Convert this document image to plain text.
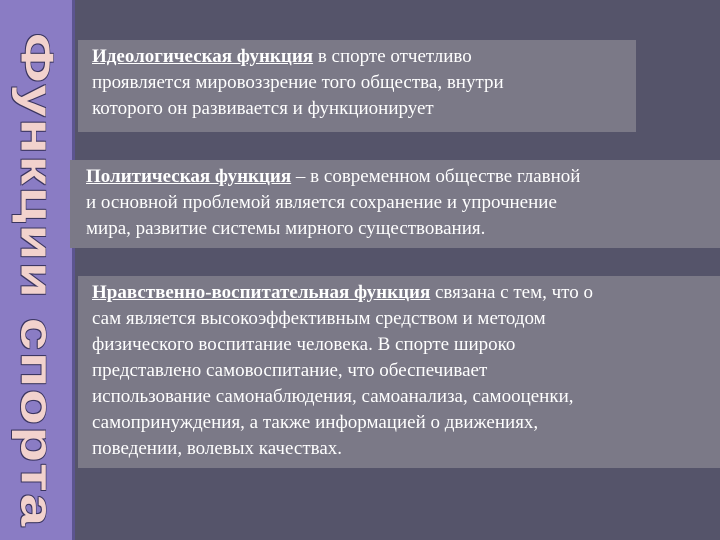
Функции спорта Идеологическая функция в спорте отчетливо

проявляется мировоззрение того общества, внутри

которого он развивается и функционирует

Политическая функция – в современном обществе главной

и основной проблемой является сохранение и упрочнение

мира, развитие системы мирного существования.

Нравственно-воспитательная функция связана с тем, что о

сам является высокоэффективным средством и методом

физического воспитание человека. В спорте широко

представлено самовоспитание, что обеспечивает

использование самонаблюдения, самоанализа, самооценки,

самопринуждения, а также информацией о движениях,

поведении, волевых качествах.
